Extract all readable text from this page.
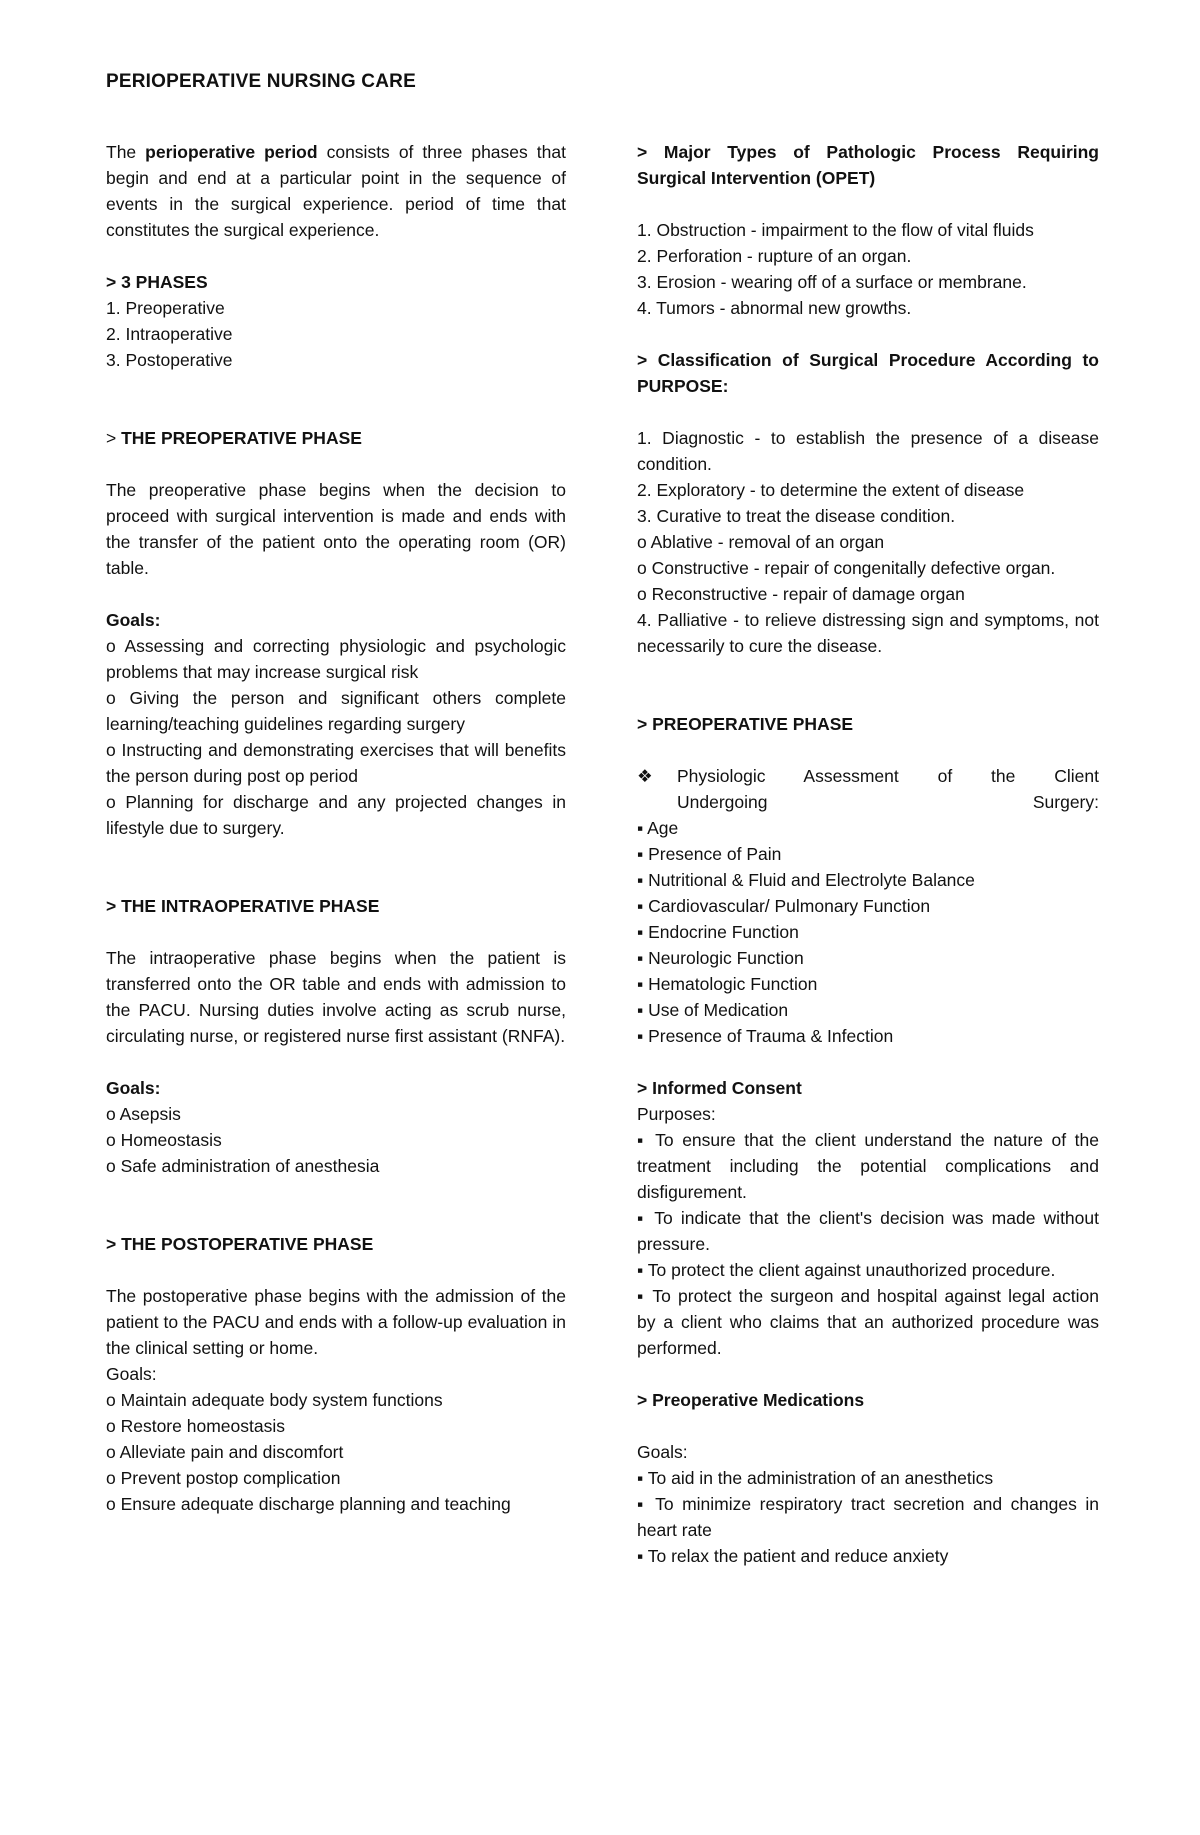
PERIOPERATIVE NURSING CARE

The perioperative period consists of three phases that begin and end at a particular point in the sequence of events in the surgical experience. period of time that constitutes the surgical experience.

> 3 PHASES

1. Preoperative

2. Intraoperative

3. Postoperative

> THE PREOPERATIVE PHASE

The preoperative phase begins when the decision to proceed with surgical intervention is made and ends with the transfer of the patient onto the operating room (OR) table.

Goals:

o Assessing and correcting physiologic and psychologic problems that may increase surgical risk

o Giving the person and significant others complete learning/teaching guidelines regarding surgery

o Instructing and demonstrating exercises that will benefits the person during post op period

o Planning for discharge and any projected changes in lifestyle due to surgery.

> THE INTRAOPERATIVE PHASE

The intraoperative phase begins when the patient is transferred onto the OR table and ends with admission to the PACU. Nursing duties involve acting as scrub nurse, circulating nurse, or registered nurse first assistant (RNFA).

Goals:

o Asepsis

o Homeostasis

o Safe administration of anesthesia

> THE POSTOPERATIVE PHASE

The postoperative phase begins with the admission of the patient to the PACU and ends with a follow-up evaluation in the clinical setting or home.

Goals:

o Maintain adequate body system functions

o Restore homeostasis

o Alleviate pain and discomfort

o Prevent postop complication

o Ensure adequate discharge planning and teaching

> Major Types of Pathologic Process Requiring Surgical Intervention (OPET)

1. Obstruction - impairment to the flow of vital fluids

2. Perforation - rupture of an organ.

3. Erosion - wearing off of a surface or membrane.

4. Tumors - abnormal new growths.

> Classification of Surgical Procedure According to PURPOSE:

1. Diagnostic - to establish the presence of a disease condition.

2. Exploratory - to determine the extent of disease

3. Curative to treat the disease condition.

o Ablative - removal of an organ

o Constructive - repair of congenitally defective organ.

o Reconstructive - repair of damage organ

4. Palliative - to relieve distressing sign and symptoms, not necessarily to cure the disease.

> PREOPERATIVE PHASE

❖	Physiologic Assessment of the Client
Undergoing Surgery:

▪ Age

▪ Presence of Pain

▪ Nutritional & Fluid and Electrolyte Balance

▪ Cardiovascular/ Pulmonary Function

▪ Endocrine Function

▪ Neurologic Function

▪ Hematologic Function

▪ Use of Medication

▪ Presence of Trauma & Infection

> Informed Consent

Purposes:

▪ To ensure that the client understand the nature of the treatment including the potential complications and disfigurement.

▪ To indicate that the client's decision was made without pressure.

▪ To protect the client against unauthorized procedure.

▪ To protect the surgeon and hospital against legal action by a client who claims that an authorized procedure was performed.

> Preoperative Medications

Goals:

▪ To aid in the administration of an anesthetics

▪ To minimize respiratory tract secretion and changes in heart rate

▪ To relax the patient and reduce anxiety
